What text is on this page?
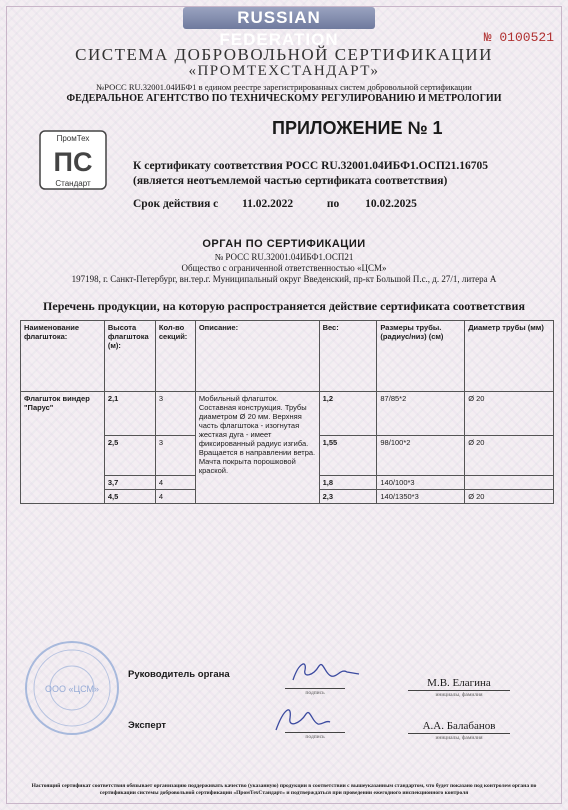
RUSSIAN FEDERATION	№ 0100521
СИСТЕМА ДОБРОВОЛЬНОЙ СЕРТИФИКАЦИИ
«ПРОМТЕХСТАНДАРТ»
№РОСС RU.32001.04ИБФ1 в едином реестре зарегистрированных систем добровольной сертификации
ФЕДЕРАЛЬНОЕ АГЕНТСТВО ПО ТЕХНИЧЕСКОМУ РЕГУЛИРОВАНИЮ И МЕТРОЛОГИИ
ПромТех
ПС
Стандарт
ПРИЛОЖЕНИЕ № 1
К сертификату соответствия РОСС RU.32001.04ИБФ1.ОСП21.16705
(является неотъемлемой частью сертификата соответствия)
Срок действия с 11.02.2022	по 10.02.2025
ОРГАН ПО СЕРТИФИКАЦИИ
№ РОСС RU.32001.04ИБФ1.ОСП21
Общество с ограниченной ответственностью «ЦСМ»
197198, г. Санкт-Петербург, вн.тер.г. Муниципальный округ Введенский, пр-кт Большой П.с., д. 27/1, литера А
Перечень продукции, на которую распространяется действие сертификата соответствия
Наименование флагштока:	Высота флагштока (м):	Кол-во секций:	Описание:	Вес:	Размеры трубы. (радиус/низ) (см)	Диаметр трубы (мм)
Флагшток виндер "Парус"	2,1	3	Мобильный флагшток. Составная конструкция. Трубы диаметром Ø 20 мм. Верхняя часть флагштока - изогнутая жесткая дуга - имеет фиксированный радиус изгиба. Вращается в направлении ветра. Мачта покрыта порошковой краской.	1,2	87/85*2	Ø 20
	2,5	3		1,55	98/100*2	Ø 20
	3,7	4		1,8	140/100*3	
	4,5	4		2,3	140/1350*3	Ø 20
ООО «ЦСМ»
Руководитель органа
подпись
М.В. Елагина
инициалы, фамилия
Эксперт
подпись
А.А. Балабанов
инициалы, фамилия
Настоящий сертификат соответствия обязывает организацию поддерживать качество (указанную) продукции в соответствии с вышеуказанным стандартом, что будет показано под контролем органа по сертификации системы добровольной сертификации «ПромТехСтандарт» и подтверждаться при проведении ежегодного инспекционного контроля
